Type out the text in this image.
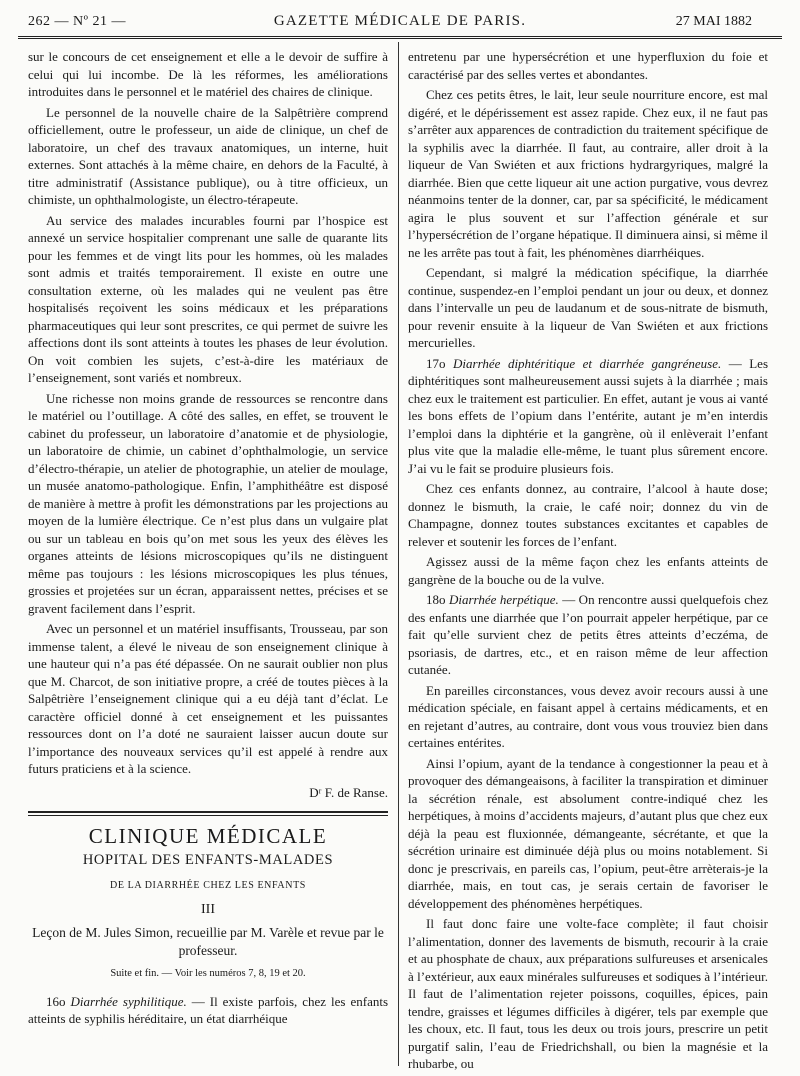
262 — Nº 21 —	GAZETTE MÉDICALE DE PARIS.	27 MAI 1882

sur le concours de cet enseignement et elle a le devoir de suffire à celui qui lui incombe. De là les réformes, les améliorations introduites dans le personnel et le matériel des chaires de clinique.

Le personnel de la nouvelle chaire de la Salpêtrière comprend officiellement, outre le professeur, un aide de clinique, un chef de laboratoire, un chef des travaux anatomiques, un interne, huit externes. Sont attachés à la même chaire, en dehors de la Faculté, à titre administratif (Assistance publique), ou à titre officieux, un chimiste, un ophthalmologiste, un électro-térapeute.

Au service des malades incurables fourni par l’hospice est annexé un service hospitalier comprenant une salle de quarante lits pour les femmes et de vingt lits pour les hommes, où les malades sont admis et traités temporairement. Il existe en outre une consultation externe, où les malades qui ne veulent pas être hospitalisés reçoivent les soins médicaux et les préparations pharmaceutiques qui leur sont prescrites, ce qui permet de suivre les affections dont ils sont atteints à toutes les phases de leur évolution. On voit combien les sujets, c’est-à-dire les matériaux de l’enseignement, sont variés et nombreux.

Une richesse non moins grande de ressources se rencontre dans le matériel ou l’outillage. A côté des salles, en effet, se trouvent le cabinet du professeur, un laboratoire d’anatomie et de physiologie, un laboratoire de chimie, un cabinet d’ophthalmologie, un service d’électro-thérapie, un atelier de photographie, un atelier de moulage, un musée anatomo-pathologique. Enfin, l’amphithéâtre est disposé de manière à mettre à profit les démonstrations par les projections au moyen de la lumière électrique. Ce n’est plus dans un vulgaire plat ou sur un tableau en bois qu’on met sous les yeux des élèves les organes atteints de lésions microscopiques qu’ils ne distinguent même pas toujours : les lésions microscopiques les plus ténues, grossies et projetées sur un écran, apparaissent nettes, précises et se gravent facilement dans l’esprit.

Avec un personnel et un matériel insuffisants, Trousseau, par son immense talent, a élevé le niveau de son enseignement clinique à une hauteur qui n’a pas été dépassée. On ne saurait oublier non plus que M. Charcot, de son initiative propre, a créé de toutes pièces à la Salpêtrière l’enseignement clinique qui a eu déjà tant d’éclat. Le caractère officiel donné à cet enseignement et les puissantes ressources dont on l’a doté ne sauraient laisser aucun doute sur l’importance des nouveaux services qu’il est appelé à rendre aux futurs praticiens et à la science.

Dʳ F. de Ranse.

CLINIQUE MÉDICALE

HOPITAL DES ENFANTS-MALADES

DE LA DIARRHÉE CHEZ LES ENFANTS

III

Leçon de M. Jules Simon, recueillie par M. Varèle et revue par le professeur.

Suite et fin. — Voir les numéros 7, 8, 19 et 20.

16o Diarrhée syphilitique. — Il existe parfois, chez les enfants atteints de syphilis héréditaire, un état diarrhéique

entretenu par une hypersécrétion et une hyperfluxion du foie et caractérisé par des selles vertes et abondantes.

Chez ces petits êtres, le lait, leur seule nourriture encore, est mal digéré, et le dépérissement est assez rapide. Chez eux, il ne faut pas s’arrêter aux apparences de contradiction du traitement spécifique de la syphilis avec la diarrhée. Il faut, au contraire, aller droit à la liqueur de Van Swiéten et aux frictions hydrargyriques, malgré la diarrhée. Bien que cette liqueur ait une action purgative, vous devrez néanmoins tenter de la donner, car, par sa spécificité, le médicament agira le plus souvent et sur l’affection générale et sur l’hypersécrétion de l’organe hépatique. Il diminuera ainsi, si même il ne les arrête pas tout à fait, les phénomènes diarrhéiques.

Cependant, si malgré la médication spécifique, la diarrhée continue, suspendez-en l’emploi pendant un jour ou deux, et donnez dans l’intervalle un peu de laudanum et de sous-nitrate de bismuth, pour revenir ensuite à la liqueur de Van Swiéten et aux frictions mercurielles.

17o Diarrhée diphtéritique et diarrhée gangréneuse. — Les diphtéritiques sont malheureusement aussi sujets à la diarrhée ; mais chez eux le traitement est particulier. En effet, autant je vous ai vanté les bons effets de l’opium dans l’entérite, autant je m’en interdis l’emploi dans la diphtérie et la gangrène, où il enlèverait l’enfant plus vite que la maladie elle-même, le tuant plus sûrement encore. J’ai vu le fait se produire plusieurs fois.

Chez ces enfants donnez, au contraire, l’alcool à haute dose; donnez le bismuth, la craie, le café noir; donnez du vin de Champagne, donnez toutes substances excitantes et capables de relever et soutenir les forces de l’enfant.

Agissez aussi de la même façon chez les enfants atteints de gangrène de la bouche ou de la vulve.

18o Diarrhée herpétique. — On rencontre aussi quelquefois chez des enfants une diarrhée que l’on pourrait appeler herpétique, par ce fait qu’elle survient chez de petits êtres atteints d’eczéma, de psoriasis, de dartres, etc., et en raison même de leur affection cutanée.

En pareilles circonstances, vous devez avoir recours aussi à une médication spéciale, en faisant appel à certains médicaments, et en en rejetant d’autres, au contraire, dont vous vous trouviez bien dans certaines entérites.

Ainsi l’opium, ayant de la tendance à congestionner la peau et à provoquer des démangeaisons, à faciliter la transpiration et diminuer la sécrétion rénale, est absolument contre-indiqué chez les herpétiques, à moins d’accidents majeurs, d’autant plus que chez eux déjà la peau est fluxionnée, démangeante, sécrétante, et que la sécrétion urinaire est diminuée déjà plus ou moins notablement. Si donc je prescrivais, en pareils cas, l’opium, peut-être arrèterais-je la diarrhée, mais, en tout cas, je serais certain de favoriser le développement des phénomènes herpétiques.

Il faut donc faire une volte-face complète; il faut choisir l’alimentation, donner des lavements de bismuth, recourir à la craie et au phosphate de chaux, aux préparations sulfureuses et arsenicales à l’extérieur, aux eaux minérales sulfureuses et sodiques à l’intérieur. Il faut de l’alimentation rejeter poissons, coquilles, épices, pain tendre, graisses et légumes difficiles à digérer, tels par exemple que les choux, etc. Il faut, tous les deux ou trois jours, prescrire un petit purgatif salin, l’eau de Friedrichshall, ou bien la magnésie et la rhubarbe, ou
